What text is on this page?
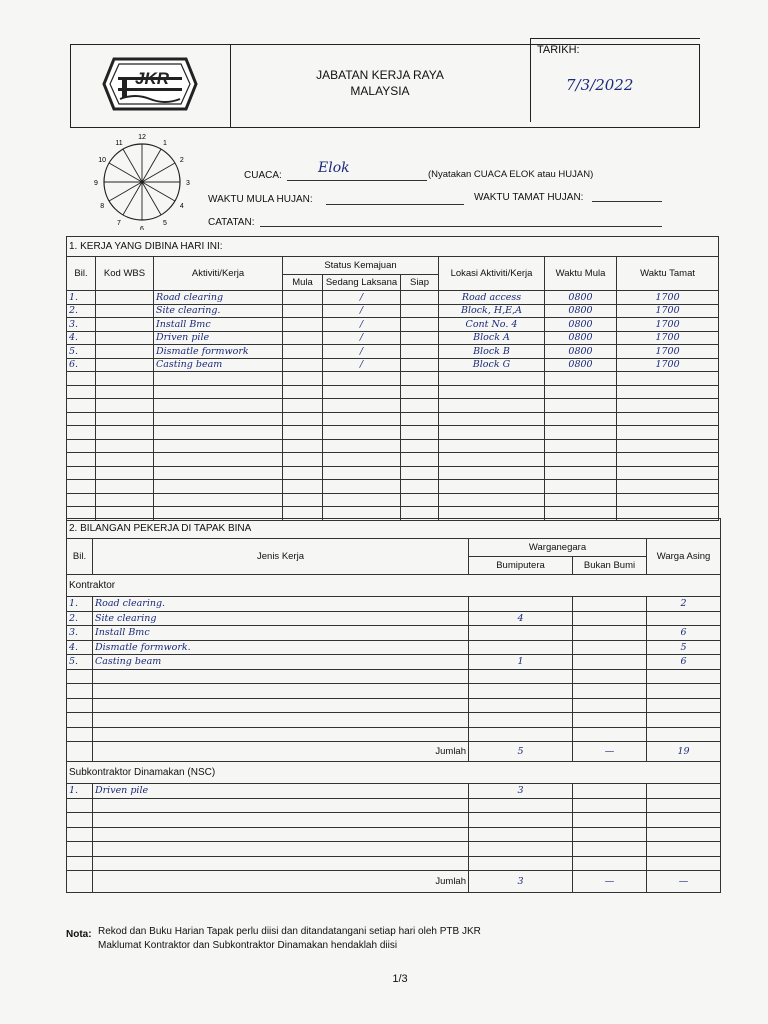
JKR	JABATAN KERJA RAYA
MALAYSIA
TARIKH:
7/3/2022
12
1
2
3
4
5
6
7
8
9
10
11
CUACA:	Elok	(Nyatakan CUACA ELOK atau HUJAN)
WAKTU MULA HUJAN:	WAKTU TAMAT HUJAN:
CATATAN:
1. KERJA YANG DIBINA HARI INI:								
Bil.	Kod WBS	Aktiviti/Kerja	Status Kemajuan			Lokasi Aktiviti/Kerja	Waktu Mula	Waktu Tamat
			Mula	Sedang Laksana	Siap			
1.		Road clearing		/		Road access	0800	1700
2.		Site clearing.		/		Block, H,E,A	0800	1700
3.		Install Bmc		/		Cont No. 4	0800	1700
4.		Driven pile		/		Block A	0800	1700
5.		Dismatle formwork		/		Block B	0800	1700
6.		Casting beam		/		Block G	0800	1700

2. BILANGAN PEKERJA DI TAPAK BINA				
Bil.	Jenis Kerja	Warganegara		Warga Asing
		Bumiputera	Bukan Bumi	
Kontraktor				
1.	Road clearing.			2
2.	Site clearing	4		
3.	Install Bmc			6
4.	Dismatle formwork.			5
5.	Casting beam	1		6

	Jumlah	5	—	19
Subkontraktor Dinamakan (NSC)				
1.	Driven pile	3		

	Jumlah	3	—	—
Nota: Rekod dan Buku Harian Tapak perlu diisi dan ditandatangani setiap hari oleh PTB JKR
Maklumat Kontraktor dan Subkontraktor Dinamakan hendaklah diisi
1/3
